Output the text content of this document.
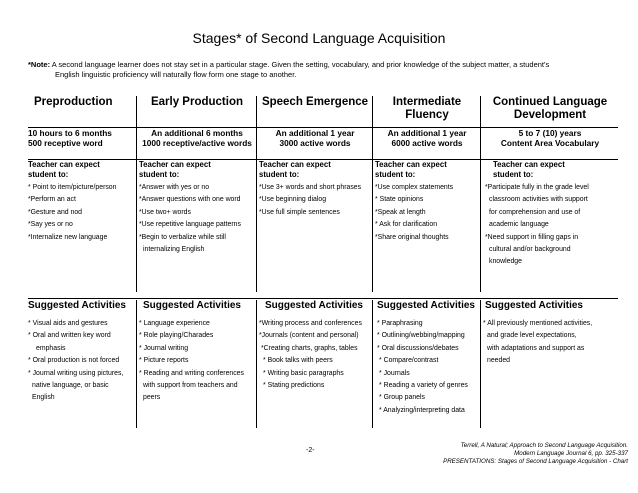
Stages* of Second Language Acquisition
*Note: A second language learner does not stay set in a particular stage. Given the setting, vocabulary, and prior knowledge of the subject matter, a student's
English linguistic proficiency will naturally flow form one stage to another.
Preproduction
10 hours to 6 months
500 receptive word
Teacher can expect
student to:
* Point to item/picture/person
*Perform an act
*Gesture and nod
*Say yes or no
*Internalize new language
Early Production
An additional 6 months
1000 receptive/active words
Teacher can expect
student to:
*Answer with yes or no
*Answer questions with one word
*Use two+ words
*Use repetitive language patterns
*Begin to verbalize while still
internalizing English
Speech Emergence
An additional 1 year
3000 active words
Teacher can expect
student to:
*Use 3+ words and short phrases
*Use beginning dialog
*Use full simple sentences
Intermediate
Fluency
An additional 1 year
6000 active words
Teacher can expect
student to:
*Use complex statements
* State opinions
*Speak at length
* Ask for clarification
*Share original thoughts
Continued Language
Development
5 to 7 (10) years
Content Area Vocabulary
Teacher can expect
student to:
*Participate fully in the grade level
classroom activities with support
for comprehension and use of
academic language
*Need support in filling gaps in
cultural and/or background
knowledge
Suggested Activities
* Visual aids and gestures
* Oral and written key word
emphasis
* Oral production is not forced
* Journal writing using pictures,
native language, or basic
English
Suggested Activities
* Language experience
* Role playing/Charades
* Journal writing
* Picture reports
* Reading and writing conferences
with support from teachers and
peers
Suggested Activities
*Writing process and conferences
*Journals (content and personal)
*Creating charts, graphs, tables
* Book talks with peers
* Writing basic paragraphs
* Stating predictions
Suggested Activities
* Paraphrasing
* Outlining/webbing/mapping
* Oral discussions/debates
* Compare/contrast
* Journals
* Reading a variety of genres
* Group panels
* Analyzing/interpreting data
Suggested Activities
* All previously mentioned activities,
and grade level expectations,
with adaptations and support as
needed
-2-
Terrell, A Natural; Approach to Second Language Acquisition.
Modern Language Journal 6, pp. 325-337
PRESENTATIONS: Stages of Second Language Acquisition - Chart
